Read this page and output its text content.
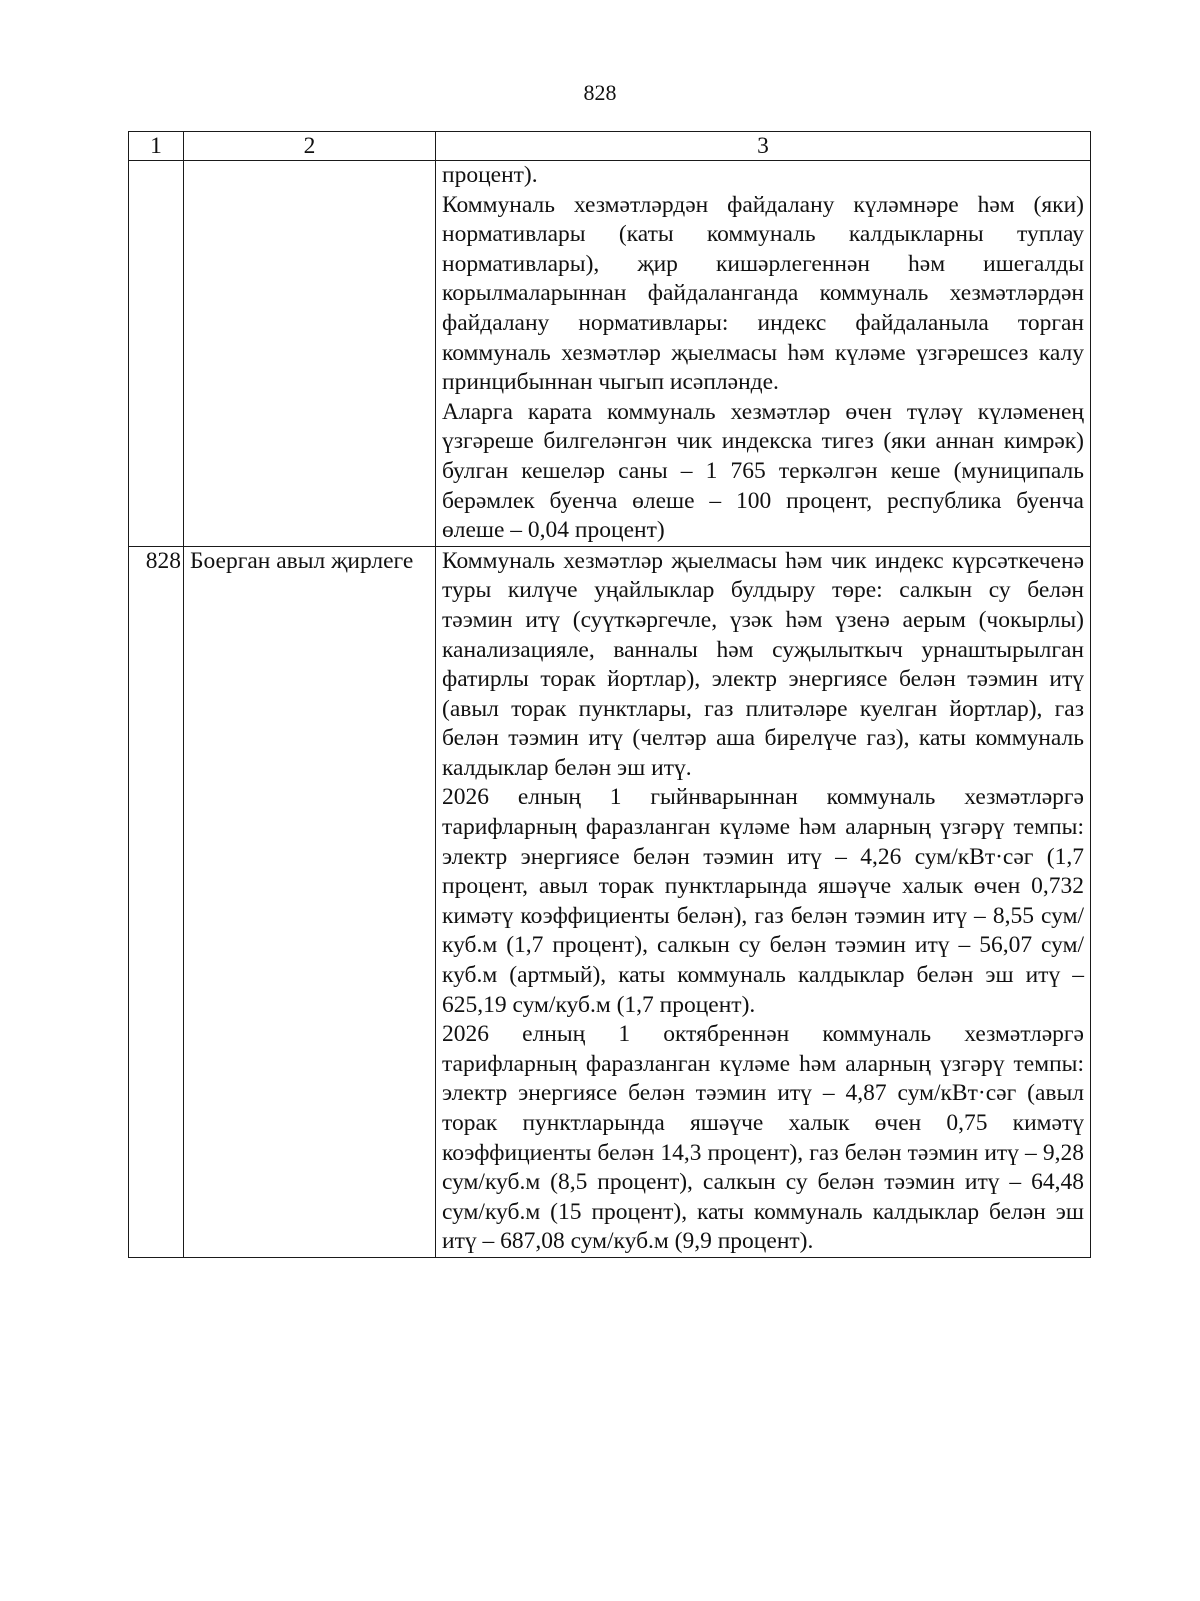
828
1	2	3

		процент).

Коммуналь хезмәтләрдән файдалану күләмнәре һәм (яки) нормативлары (каты коммуналь калдыкларны туплау нормативлары), җир кишәрлегеннән һәм ишегалды корылмаларыннан файдаланганда коммуналь хезмәтләрдән файдалану нормативлары: индекс файдаланыла торган коммуналь хезмәтләр җыелмасы һәм күләме үзгәрешсез калу принцибыннан чыгып исәпләнде.

Аларга карата коммуналь хезмәтләр өчен түләү күләменең үзгәреше билгеләнгән чик индекска тигез (яки аннан кимрәк) булган кешеләр саны – 1 765 теркәлгән кеше (муниципаль берәмлек буенча өлеше – 100 процент, республика буенча өлеше – 0,04 процент)

828	Боерган авыл җирлеге	Коммуналь хезмәтләр җыелмасы һәм чик индекс күрсәткеченә туры килүче уңайлыклар булдыру төре: салкын су белән тәэмин итү (суүткәргечле, үзәк һәм үзенә аерым (чокырлы) канализацияле, ванналы һәм суҗылыткыч урнаштырылган фатирлы торак йортлар), электр энергиясе белән тәэмин итү (авыл торак пунктлары, газ плитәләре куелган йортлар), газ белән тәэмин итү (челтәр аша бирелүче газ), каты коммуналь калдыклар белән эш итү.

2026 елның 1 гыйнварыннан коммуналь хезмәтләргә тарифларның фаразланган күләме һәм аларның үзгәрү темпы: электр энергиясе белән тәэмин итү – 4,26 сум/кВт·сәг (1,7 процент, авыл торак пунктларында яшәүче халык өчен 0,732 кимәтү коэффициенты белән), газ белән тәэмин итү – 8,55 сум/куб.м (1,7 процент), салкын су белән тәэмин итү – 56,07 сум/куб.м (артмый), каты коммуналь калдыклар белән эш итү – 625,19 сум/куб.м (1,7 процент).

2026 елның 1 октябреннән коммуналь хезмәтләргә тарифларның фаразланган күләме һәм аларның үзгәрү темпы: электр энергиясе белән тәэмин итү – 4,87 сум/кВт·сәг (авыл торак пунктларында яшәүче халык өчен 0,75 кимәтү коэффициенты белән 14,3 процент), газ белән тәэмин итү – 9,28 сум/куб.м (8,5 процент), салкын су белән тәэмин итү – 64,48 сум/куб.м (15 процент), каты коммуналь калдыклар белән эш итү – 687,08 сум/куб.м (9,9 процент).
